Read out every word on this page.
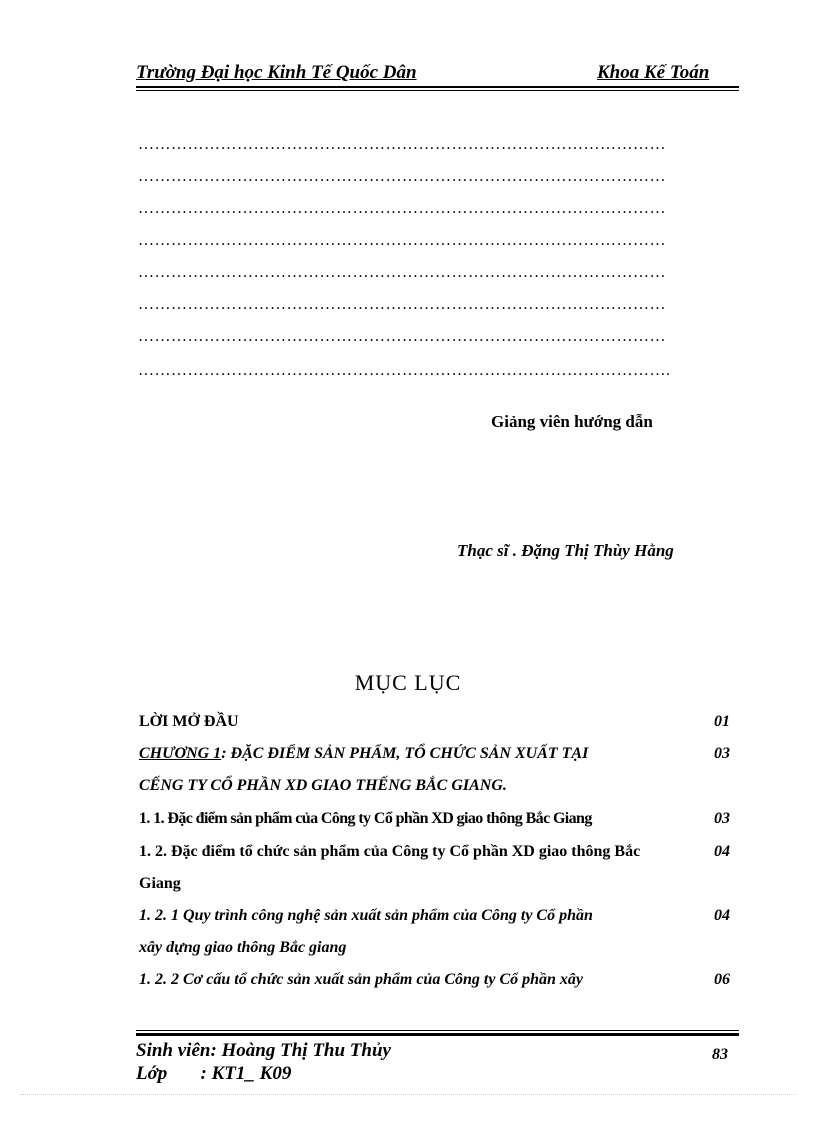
Trường Đại học Kinh Tế Quốc Dân	Khoa Kế Toán
……………………………………………………………………………………
……………………………………………………………………………………
……………………………………………………………………………………
……………………………………………………………………………………
……………………………………………………………………………………
……………………………………………………………………………………
……………………………………………………………………………………
…………………………………………………………………………………….
Giảng viên hướng dẫn
Thạc sĩ . Đặng Thị Thùy Hằng
MỤC LỤC
LỜI MỞ ĐẦU	01
CHƯƠNG 1: ĐẶC ĐIỂM SẢN PHẨM, TỔ CHỨC SẢN XUẤT TẠI	03
CẾNG TY CỔ PHẦN XD GIAO THẾNG BẮC GIANG.
1. 1. Đặc điểm sản phẩm của Công ty Cổ phần XD giao thông Bắc Giang	03
1. 2. Đặc điểm tổ chức sản phẩm của Công ty Cổ phần XD giao thông Bắc	04
Giang
1. 2. 1 Quy trình công nghệ sản xuất sản phẩm của Công ty Cổ phần	04
xây dựng giao thông Bắc giang
1. 2. 2 Cơ cấu tổ chức sản xuất sản phẩm của Công ty Cổ phần xây	06
Sinh viên: Hoàng Thị Thu Thủy
Lớp       : KT1_ K09
83
